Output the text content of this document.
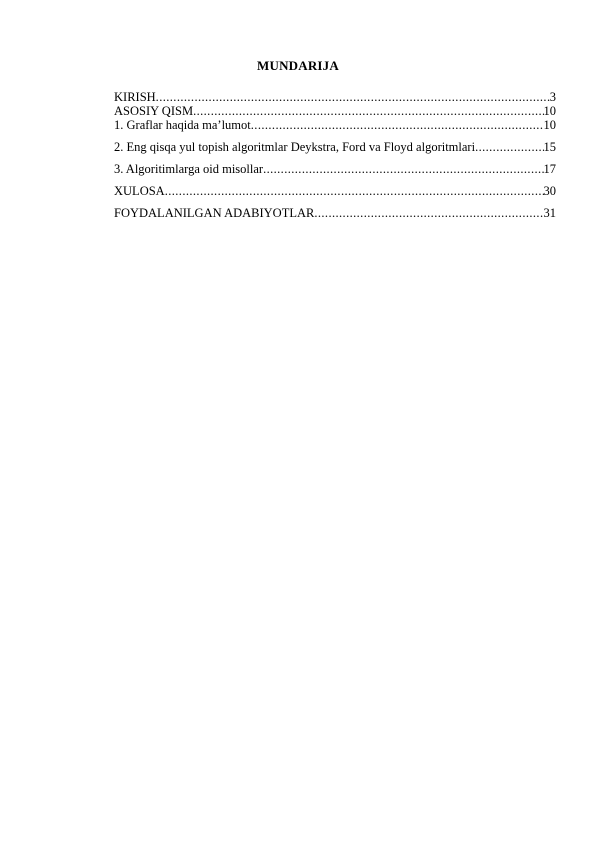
MUNDARIJA
KIRISH .....	3
ASOSIY QISM .....	10
1. Graflar haqida ma’lumot .....	10
2. Eng qisqa yul topish algoritmlar Deykstra, Ford va Floyd algoritmlari .....	15
3. Algoritimlarga oid misollar .....	17
XULOSA .....	30
FOYDALANILGAN ADABIYOTLAR .....	31
